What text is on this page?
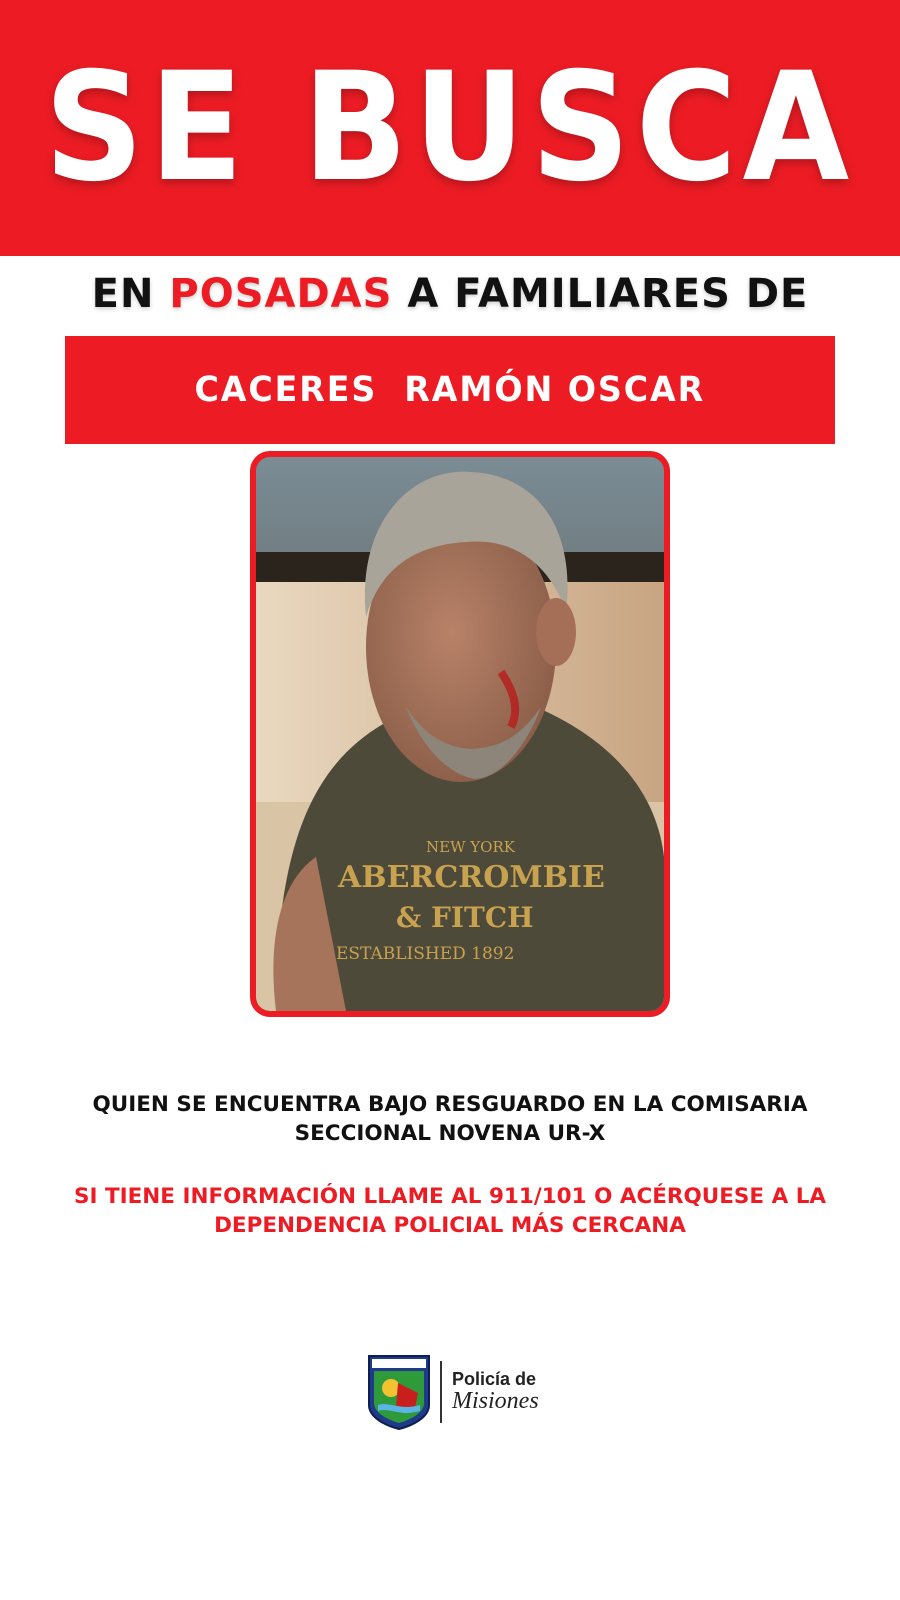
SE BUSCA
EN POSADAS A FAMILIARES DE
CACERES  RAMÓN OSCAR
NEW YORK
ABERCROMBIE
& FITCH
ESTABLISHED 1892
QUIEN SE ENCUENTRA BAJO RESGUARDO EN LA COMISARIA
SECCIONAL NOVENA UR-X
SI TIENE INFORMACIÓN LLAME AL 911/101 O ACÉRQUESE A LA
DEPENDENCIA POLICIAL MÁS CERCANA
Policía de
Misiones
